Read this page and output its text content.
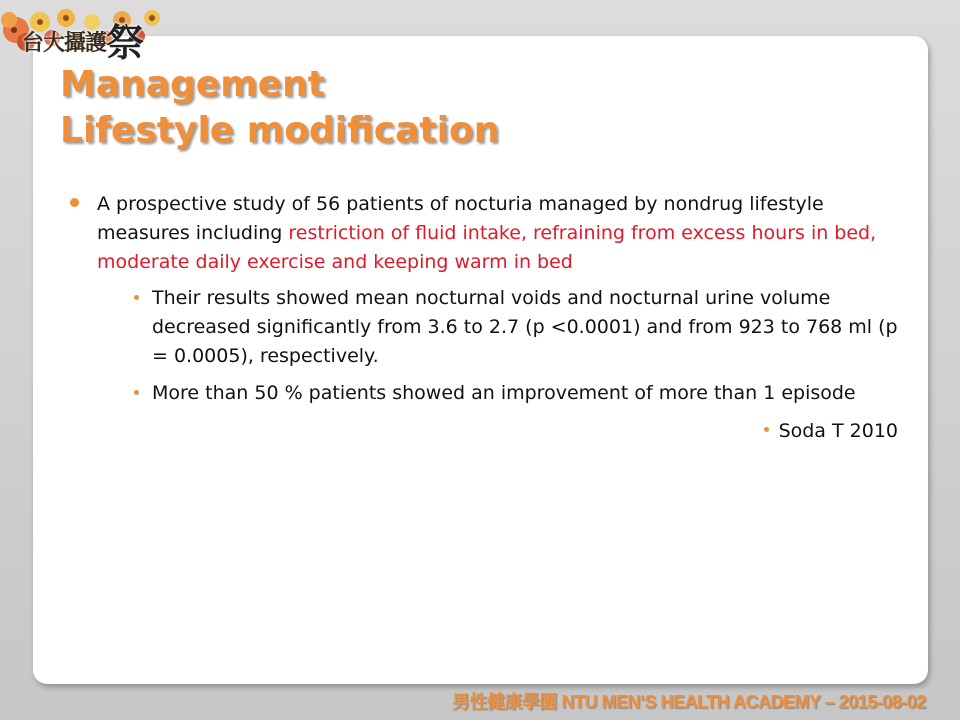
台大攝護祭
Management
Lifestyle modification
A prospective study of 56 patients of nocturia managed by nondrug lifestyle measures including restriction of fluid intake, refraining from excess hours in bed, moderate daily exercise and keeping warm in bed
Their results showed mean nocturnal voids and nocturnal urine volume decreased significantly from 3.6 to 2.7 (p <0.0001) and from 923 to 768 ml (p = 0.0005), respectively.
More than 50 % patients showed an improvement of more than 1 episode
Soda T 2010
男性健康學園 NTU MEN‘S HEALTH ACADEMY – 2015-08-02
